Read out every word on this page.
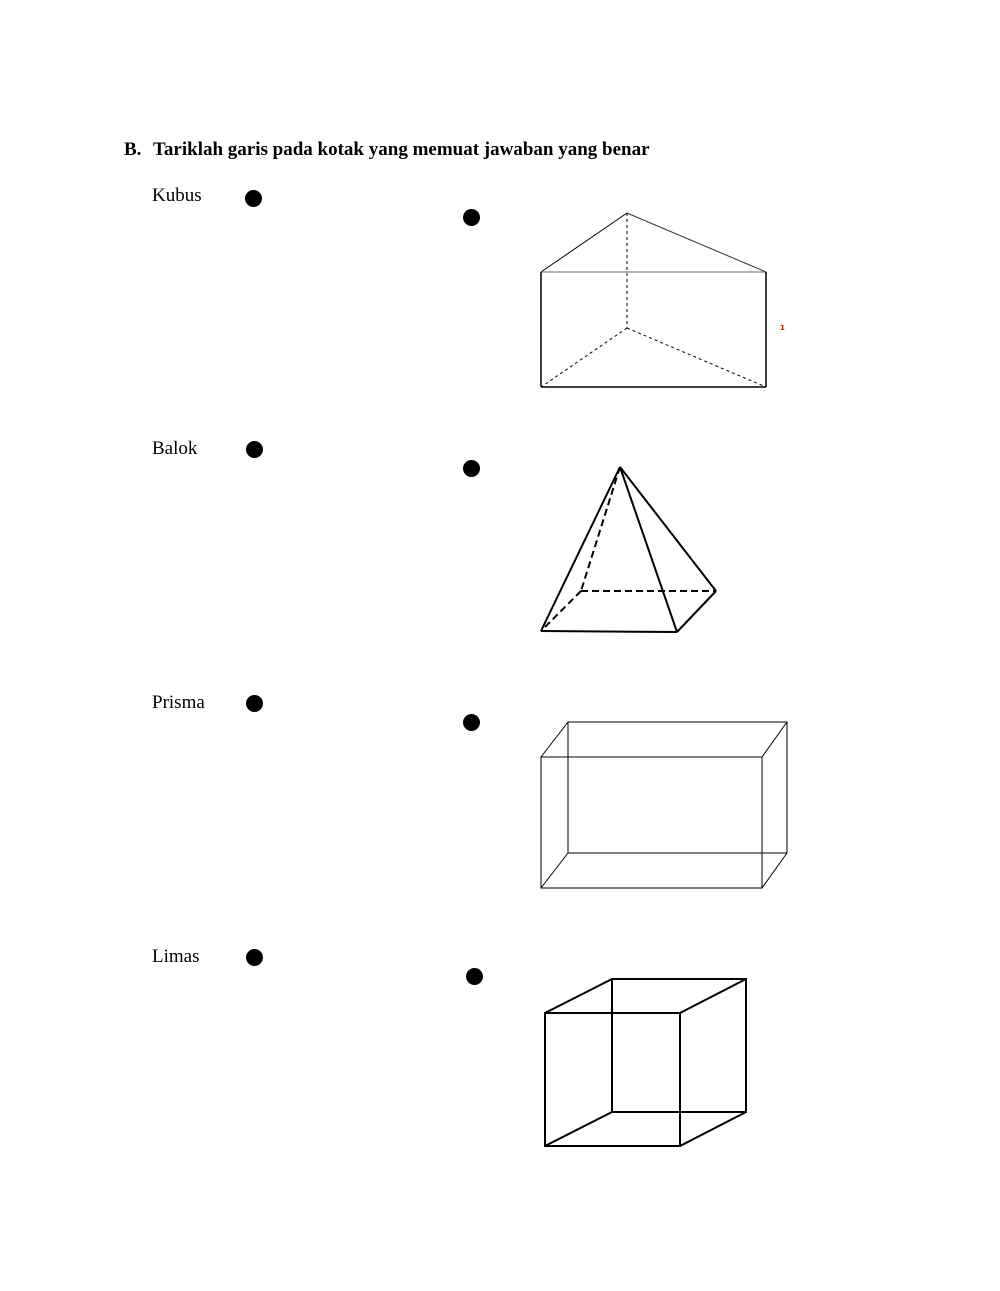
B. Tariklah garis pada kotak yang memuat jawaban yang benar
Kubus
Balok
Prisma
Limas
1
